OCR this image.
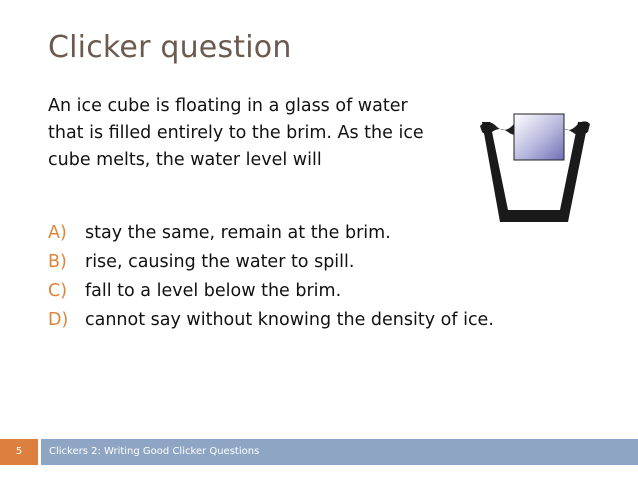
Clicker question
An ice cube is floating in a glass of water
that is filled entirely to the brim. As the ice
cube melts, the water level will
A)	stay the same, remain at the brim.
B)	rise, causing the water to spill.
C)	fall to a level below the brim.
D) cannot say without knowing the density of ice.
5	Clickers 2: Writing Good Clicker Questions
